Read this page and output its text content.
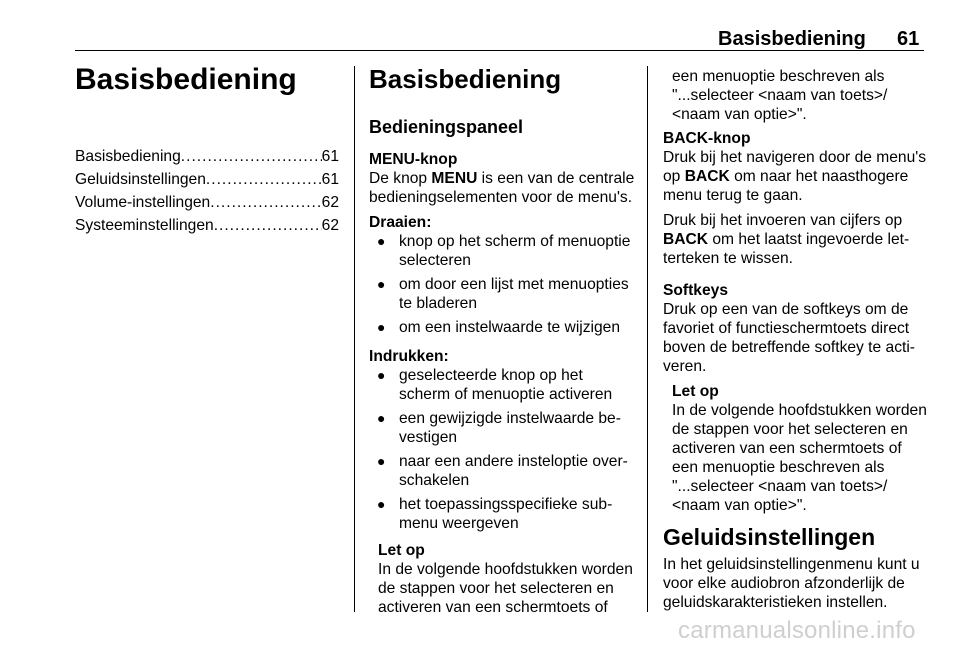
Basisbediening 61
Basisbediening
Basisbediening .....	61
Geluidsinstellingen .....	61
Volume-instellingen .....	62
Systeeminstellingen .....	62
Basisbediening
Bedieningspaneel

MENU-knop

De knop MENU is een van de centrale bedieningselementen voor de menu's.

Draaien:

● knop op het scherm of menuoptie selecteren
● om door een lijst met menuopties te bladeren
● om een instelwaarde te wijzigen

Indrukken:

● geselecteerde knop op het scherm of menuoptie activeren
● een gewijzigde instelwaarde bevestigen
● naar een andere insteloptie overschakelen
● het toepassingsspecifieke submenu weergeven

Let op

In de volgende hoofdstukken worden de stappen voor het selecteren en activeren van een schermtoets of

een menuoptie beschreven als "...selecteer <naam van toets>/ <naam van optie>".

BACK-knop

Druk bij het navigeren door de menu's op BACK om naar het naasthogere menu terug te gaan.

Druk bij het invoeren van cijfers op BACK om het laatst ingevoerde letterteken te wissen.

Softkeys

Druk op een van de softkeys om de favoriet of functieschermtoets direct boven de betreffende softkey te activeren.

Let op

In de volgende hoofdstukken worden de stappen voor het selecteren en activeren van een schermtoets of een menuoptie beschreven als "...selecteer <naam van toets>/ <naam van optie>".

Geluidsinstellingen

In het geluidsinstellingenmenu kunt u voor elke audiobron afzonderlijk de geluidskarakteristieken instellen.

carmanualsonline.info
